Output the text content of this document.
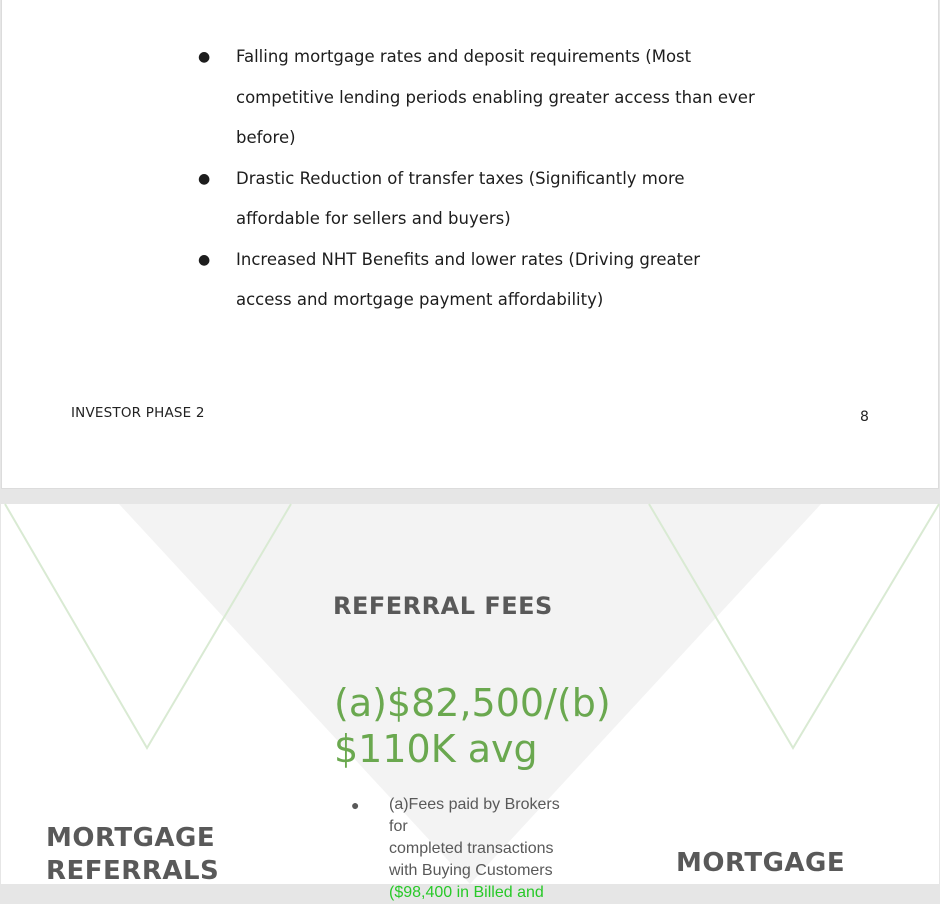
● Falling mortgage rates and deposit requirements (Most
competitive lending periods enabling greater access than ever
before)
● Drastic Reduction of transfer taxes (Significantly more
affordable for sellers and buyers)
● Increased NHT Benefits and lower rates (Driving greater
access and mortgage payment affordability)
INVESTOR PHASE 2	8
REFERRAL FEES
(a)$82,500/(b)
$110K avg
● (a)Fees paid by Brokers for
completed transactions
with Buying Customers
($98,400 in Billed and
MORTGAGE
REFERRALS	MORTGAGE
